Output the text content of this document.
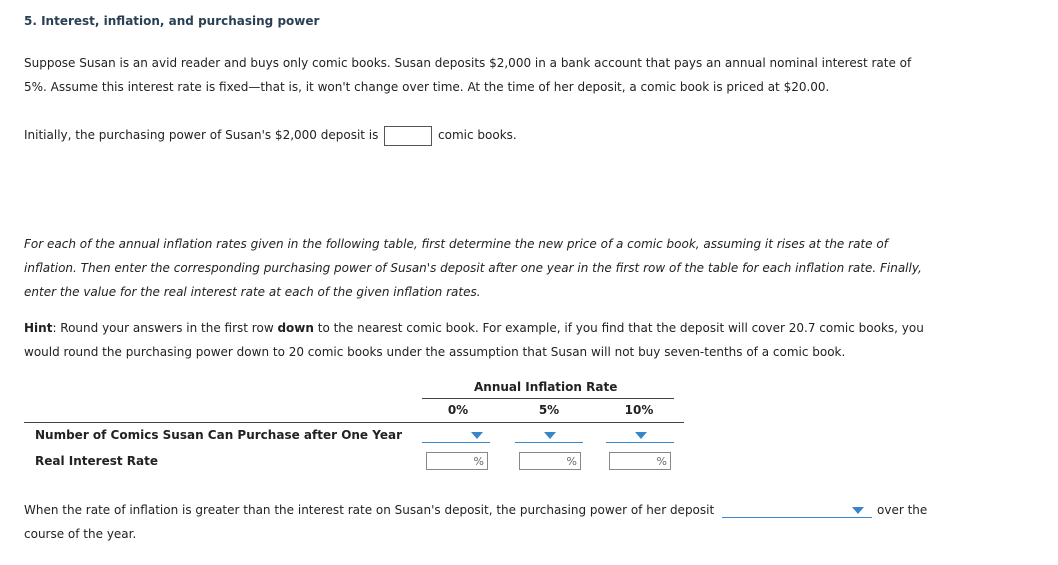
5. Interest, inflation, and purchasing power
Suppose Susan is an avid reader and buys only comic books. Susan deposits $2,000 in a bank account that pays an annual nominal interest rate of
5%. Assume this interest rate is fixed—that is, it won't change over time. At the time of her deposit, a comic book is priced at $20.00.
Initially, the purchasing power of Susan's $2,000 deposit is	comic books.
For each of the annual inflation rates given in the following table, first determine the new price of a comic book, assuming it rises at the rate of
inflation. Then enter the corresponding purchasing power of Susan's deposit after one year in the first row of the table for each inflation rate. Finally,
enter the value for the real interest rate at each of the given inflation rates.
Hint: Round your answers in the first row down to the nearest comic book. For example, if you find that the deposit will cover 20.7 comic books, you
would round the purchasing power down to 20 comic books under the assumption that Susan will not buy seven-tenths of a comic book.
Annual Inflation Rate
0%	5%	10%
Number of Comics Susan Can Purchase after One Year
Real Interest Rate	%	%	%
When the rate of inflation is greater than the interest rate on Susan's deposit, the purchasing power of her deposit	over the
course of the year.
